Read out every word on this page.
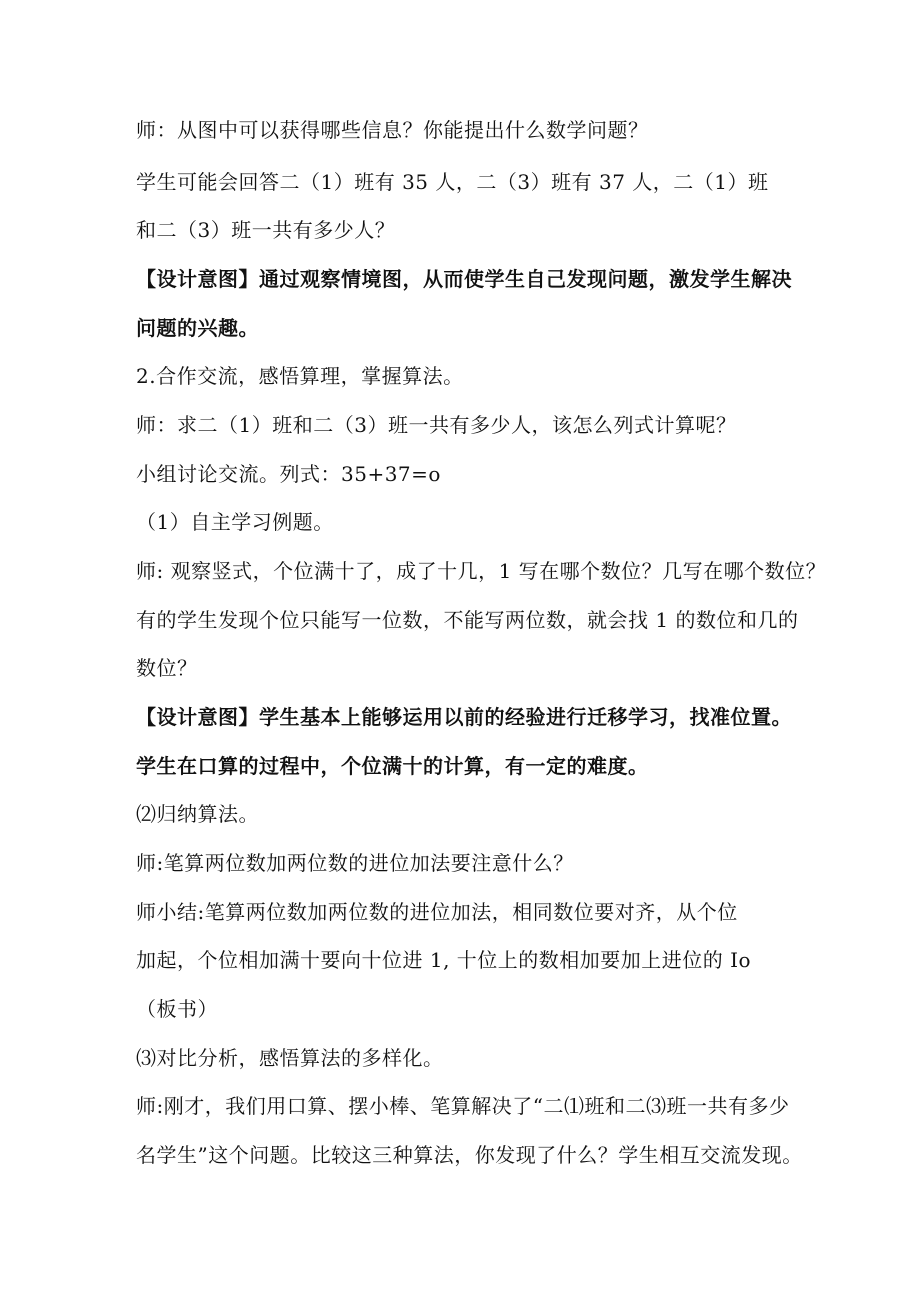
师：从图中可以获得哪些信息？你能提出什么数学问题？
学生可能会回答二（1）班有 35 人，二（3）班有 37 人，二（1）班
和二（3）班一共有多少人？
【设计意图】通过观察情境图，从而使学生自己发现问题，激发学生解决
问题的兴趣。
2.合作交流，感悟算理，掌握算法。
师：求二（1）班和二（3）班一共有多少人，该怎么列式计算呢？
小组讨论交流。列式：35+37=o
（1）自主学习例题。
师: 观察竖式，个位满十了，成了十几，1 写在哪个数位？几写在哪个数位？
有的学生发现个位只能写一位数，不能写两位数，就会找 1 的数位和几的
数位？
【设计意图】学生基本上能够运用以前的经验进行迁移学习，找准位置。
学生在口算的过程中，个位满十的计算，有一定的难度。
⑵归纳算法。
师:笔算两位数加两位数的进位加法要注意什么？
师小结:笔算两位数加两位数的进位加法，相同数位要对齐，从个位
加起，个位相加满十要向十位进 1, 十位上的数相加要加上进位的 Io
（板书）
⑶对比分析，感悟算法的多样化。
师:刚才，我们用口算、摆小棒、笔算解决了“二⑴班和二⑶班一共有多少
名学生”这个问题。比较这三种算法，你发现了什么？学生相互交流发现。
